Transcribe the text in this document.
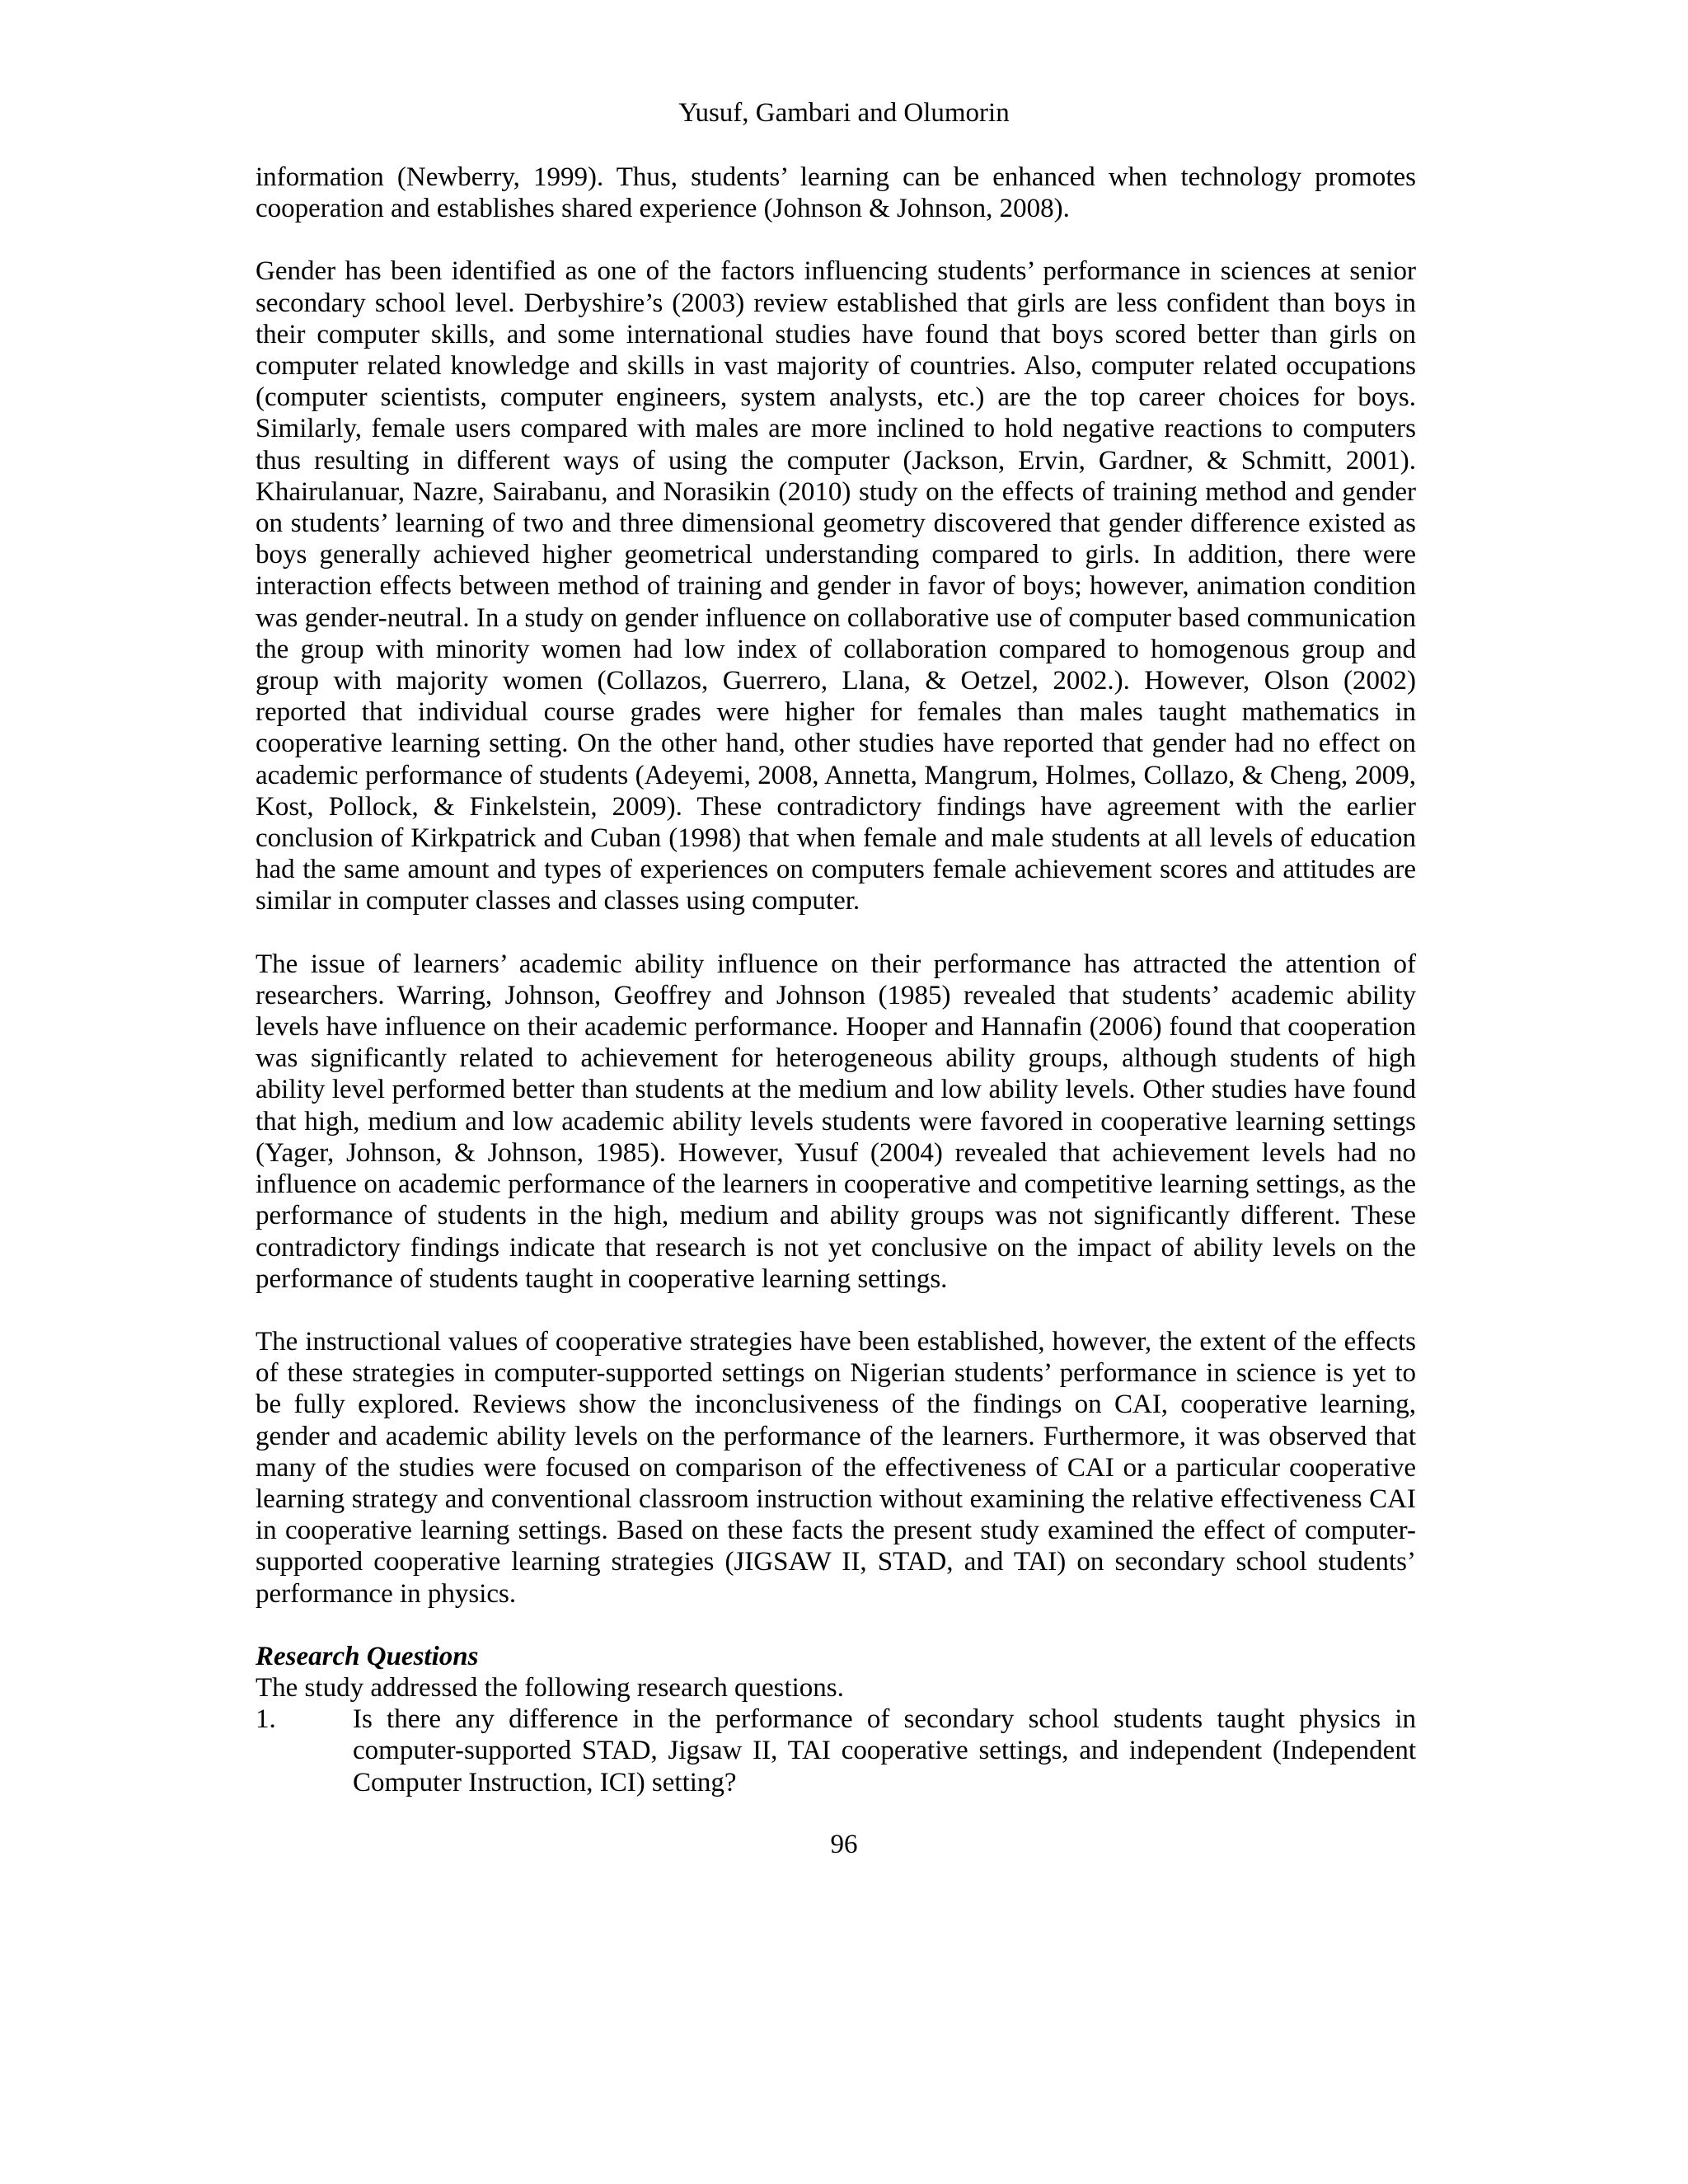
Yusuf, Gambari and Olumorin

information (Newberry, 1999). Thus, students’ learning can be enhanced when technology promotes cooperation and establishes shared experience (Johnson & Johnson, 2008).

Gender has been identified as one of the factors influencing students’ performance in sciences at senior secondary school level. Derbyshire’s (2003) review established that girls are less confident than boys in their computer skills, and some international studies have found that boys scored better than girls on computer related knowledge and skills in vast majority of countries. Also, computer related occupations (computer scientists, computer engineers, system analysts, etc.) are the top career choices for boys. Similarly, female users compared with males are more inclined to hold negative reactions to computers thus resulting in different ways of using the computer (Jackson, Ervin, Gardner, & Schmitt, 2001). Khairulanuar, Nazre, Sairabanu, and Norasikin (2010) study on the effects of training method and gender on students’ learning of two and three dimensional geometry discovered that gender difference existed as boys generally achieved higher geometrical understanding compared to girls. In addition, there were interaction effects between method of training and gender in favor of boys; however, animation condition was gender-neutral. In a study on gender influence on collaborative use of computer based communication the group with minority women had low index of collaboration compared to homogenous group and group with majority women (Collazos, Guerrero, Llana, & Oetzel, 2002.). However, Olson (2002) reported that individual course grades were higher for females than males taught mathematics in cooperative learning setting. On the other hand, other studies have reported that gender had no effect on academic performance of students (Adeyemi, 2008, Annetta, Mangrum, Holmes, Collazo, & Cheng, 2009, Kost, Pollock, & Finkelstein, 2009). These contradictory findings have agreement with the earlier conclusion of Kirkpatrick and Cuban (1998) that when female and male students at all levels of education had the same amount and types of experiences on computers female achievement scores and attitudes are similar in computer classes and classes using computer.

The issue of learners’ academic ability influence on their performance has attracted the attention of researchers. Warring, Johnson, Geoffrey and Johnson (1985) revealed that students’ academic ability levels have influence on their academic performance. Hooper and Hannafin (2006) found that cooperation was significantly related to achievement for heterogeneous ability groups, although students of high ability level performed better than students at the medium and low ability levels. Other studies have found that high, medium and low academic ability levels students were favored in cooperative learning settings (Yager, Johnson, & Johnson, 1985). However, Yusuf (2004) revealed that achievement levels had no influence on academic performance of the learners in cooperative and competitive learning settings, as the performance of students in the high, medium and ability groups was not significantly different. These contradictory findings indicate that research is not yet conclusive on the impact of ability levels on the performance of students taught in cooperative learning settings.

The instructional values of cooperative strategies have been established, however, the extent of the effects of these strategies in computer-supported settings on Nigerian students’ performance in science is yet to be fully explored. Reviews show the inconclusiveness of the findings on CAI, cooperative learning, gender and academic ability levels on the performance of the learners. Furthermore, it was observed that many of the studies were focused on comparison of the effectiveness of CAI or a particular cooperative learning strategy and conventional classroom instruction without examining the relative effectiveness CAI in cooperative learning settings. Based on these facts the present study examined the effect of computer-supported cooperative learning strategies (JIGSAW II, STAD, and TAI) on secondary school students’ performance in physics.

Research Questions

The study addressed the following research questions.

1.	Is there any difference in the performance of secondary school students taught physics in computer-supported STAD, Jigsaw II, TAI cooperative settings, and independent (Independent Computer Instruction, ICI) setting?
96
